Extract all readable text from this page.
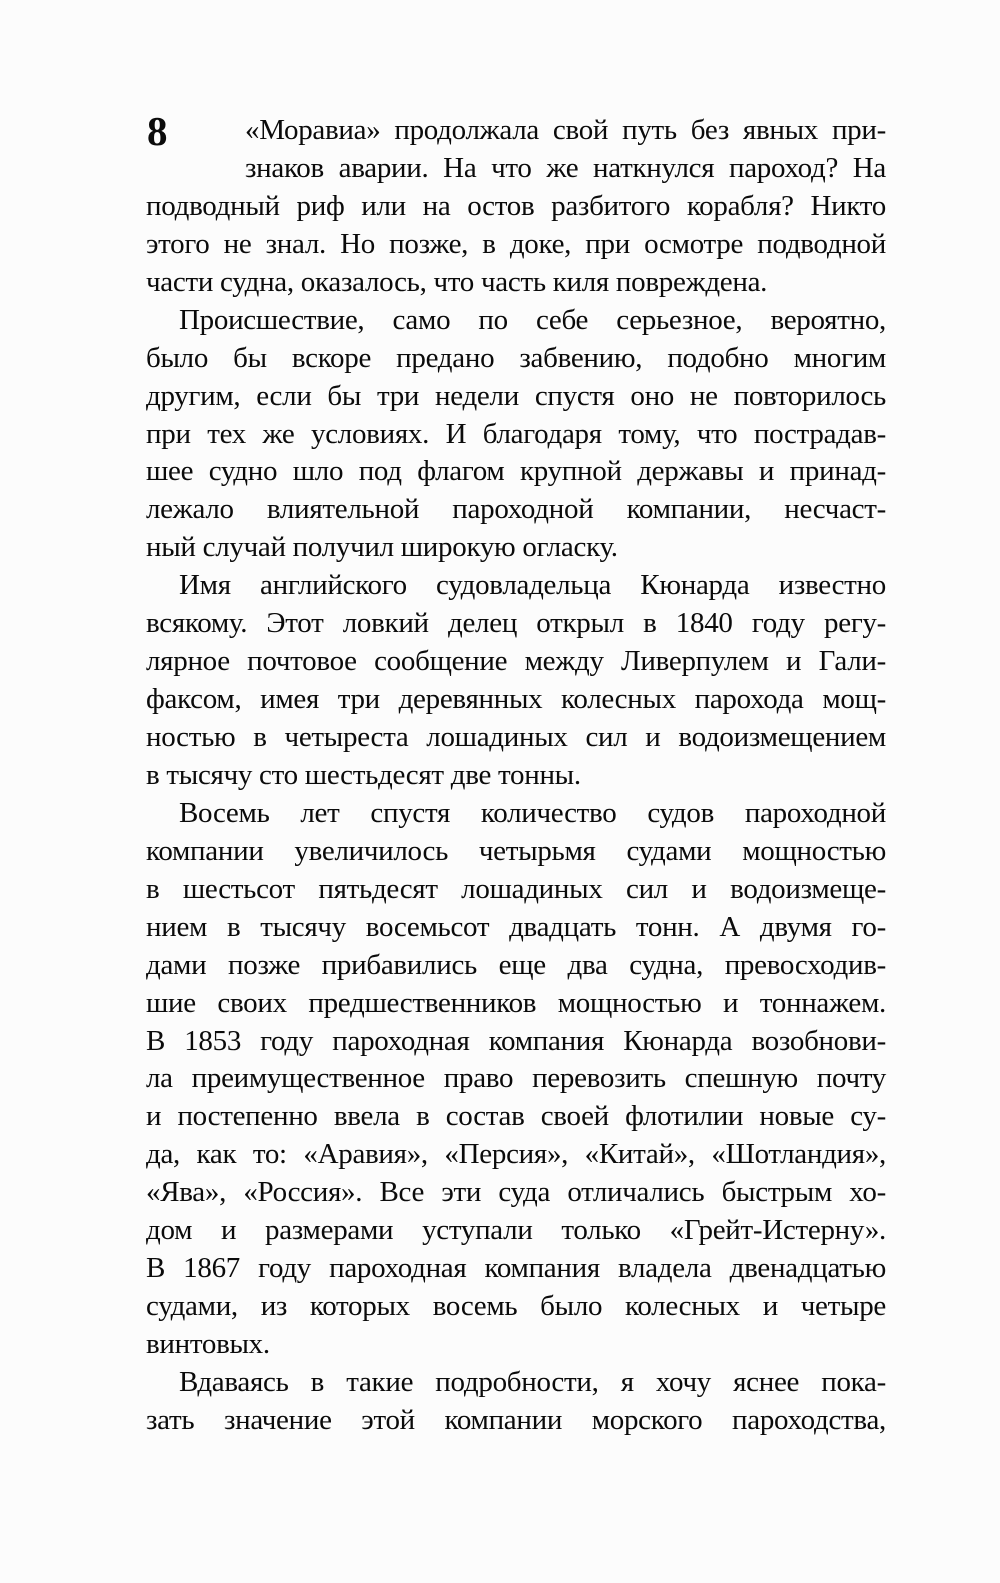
8	«Моравиа» продолжала свой путь без явных при-
знаков аварии. На что же наткнулся пароход? На
подводный риф или на остов разбитого корабля? Никто
этого не знал. Но позже, в доке, при осмотре подводной
части судна, оказалось, что часть киля повреждена.
Происшествие, само по себе серьезное, вероятно,
было бы вскоре предано забвению, подобно многим
другим, если бы три недели спустя оно не повторилось
при тех же условиях. И благодаря тому, что пострадав-
шее судно шло под флагом крупной державы и принад-
лежало влиятельной пароходной компании, несчаст-
ный случай получил широкую огласку.
Имя английского судовладельца Кюнарда известно
всякому. Этот ловкий делец открыл в 1840 году регу-
лярное почтовое сообщение между Ливерпулем и Гали-
факсом, имея три деревянных колесных парохода мощ-
ностью в четыреста лошадиных сил и водоизмещением
в тысячу сто шестьдесят две тонны.
Восемь лет спустя количество судов пароходной
компании увеличилось четырьмя судами мощностью
в шестьсот пятьдесят лошадиных сил и водоизмеще-
нием в тысячу восемьсот двадцать тонн. А двумя го-
дами позже прибавились еще два судна, превосходив-
шие своих предшественников мощностью и тоннажем.
В 1853 году пароходная компания Кюнарда возобнови-
ла преимущественное право перевозить спешную почту
и постепенно ввела в состав своей флотилии новые су-
да, как то: «Аравия», «Персия», «Китай», «Шотландия»,
«Ява», «Россия». Все эти суда отличались быстрым хо-
дом и размерами уступали только «Грейт-Истерну».
В 1867 году пароходная компания владела двенадцатью
судами, из которых восемь было колесных и четыре
винтовых.
Вдаваясь в такие подробности, я хочу яснее пока-
зать значение этой компании морского пароходства,
